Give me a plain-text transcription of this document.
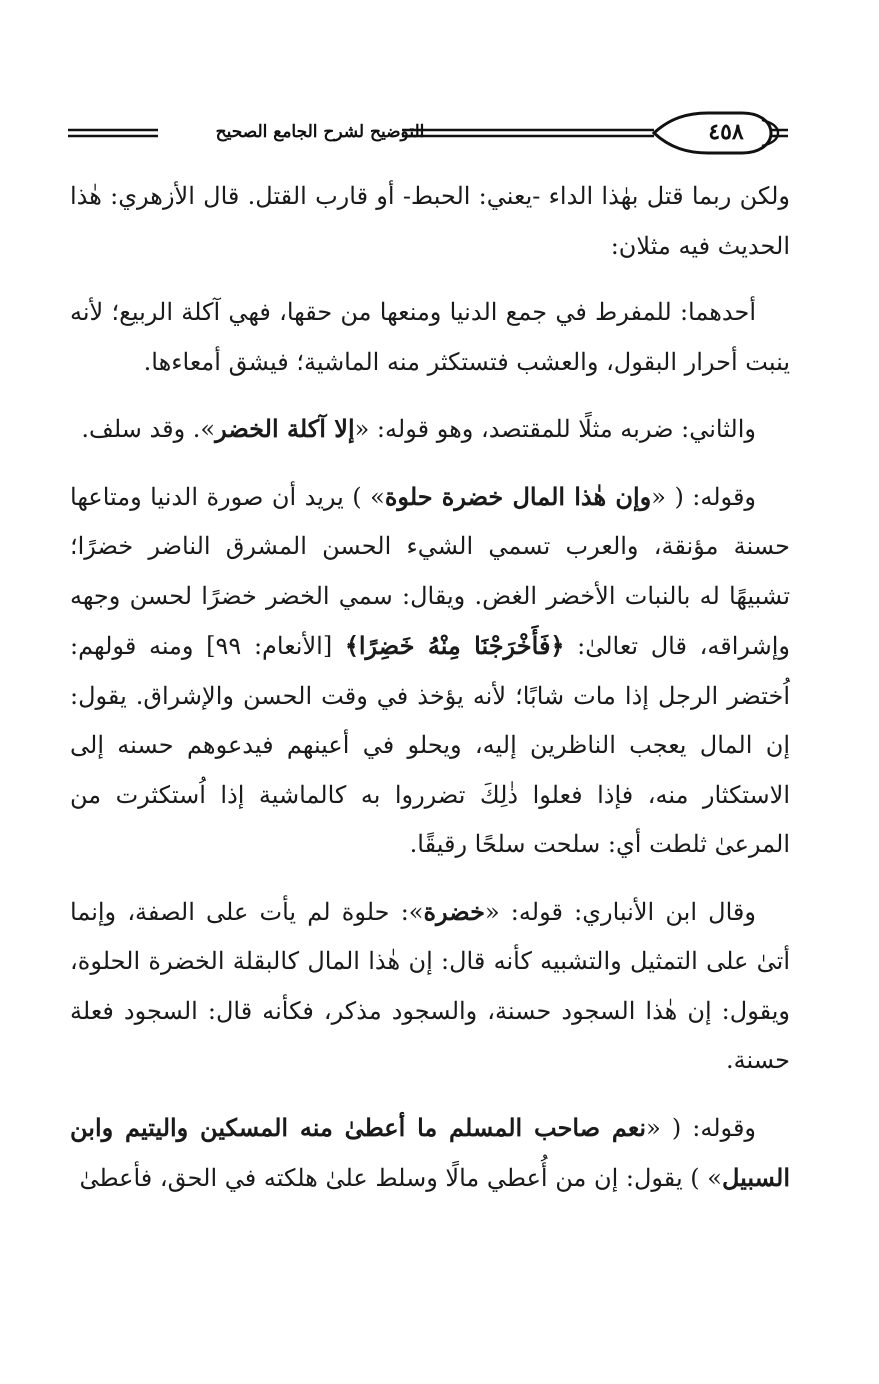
٤٥٨
التوضيح لشرح الجامع الصحيح

ولكن ربما قتل بهٰذا الداء -يعني: الحبط- أو قارب القتل. قال الأزهري: هٰذا الحديث فيه مثلان:

أحدهما: للمفرط في جمع الدنيا ومنعها من حقها، فهي آكلة الربيع؛ لأنه ينبت أحرار البقول، والعشب فتستكثر منه الماشية؛ فيشق أمعاءها.

والثاني: ضربه مثلًا للمقتصد، وهو قوله: «إلا آكلة الخضر». وقد سلف.

وقوله: ( «وإن هٰذا المال خضرة حلوة» ) يريد أن صورة الدنيا ومتاعها حسنة مؤنقة، والعرب تسمي الشيء الحسن المشرق الناضر خضرًا؛ تشبيهًا له بالنبات الأخضر الغض. ويقال: سمي الخضر خضرًا لحسن وجهه وإشراقه، قال تعالىٰ: ﴿فَأَخْرَجْنَا مِنْهُ خَضِرًا﴾ [الأنعام: ٩٩] ومنه قولهم: اُختضر الرجل إذا مات شابًا؛ لأنه يؤخذ في وقت الحسن والإشراق. يقول: إن المال يعجب الناظرين إليه، ويحلو في أعينهم فيدعوهم حسنه إلى الاستكثار منه، فإذا فعلوا ذٰلِكَ تضرروا به كالماشية إذا اُستكثرت من المرعىٰ ثلطت أي: سلحت سلحًا رقيقًا.

وقال ابن الأنباري: قوله: «خضرة»: حلوة لم يأت على الصفة، وإنما أتىٰ على التمثيل والتشبيه كأنه قال: إن هٰذا المال كالبقلة الخضرة الحلوة، ويقول: إن هٰذا السجود حسنة، والسجود مذكر، فكأنه قال: السجود فعلة حسنة.

وقوله: ( «نعم صاحب المسلم ما أعطىٰ منه المسكين واليتيم وابن السبيل» ) يقول: إن من أُعطي مالًا وسلط علىٰ هلكته في الحق، فأعطىٰ
